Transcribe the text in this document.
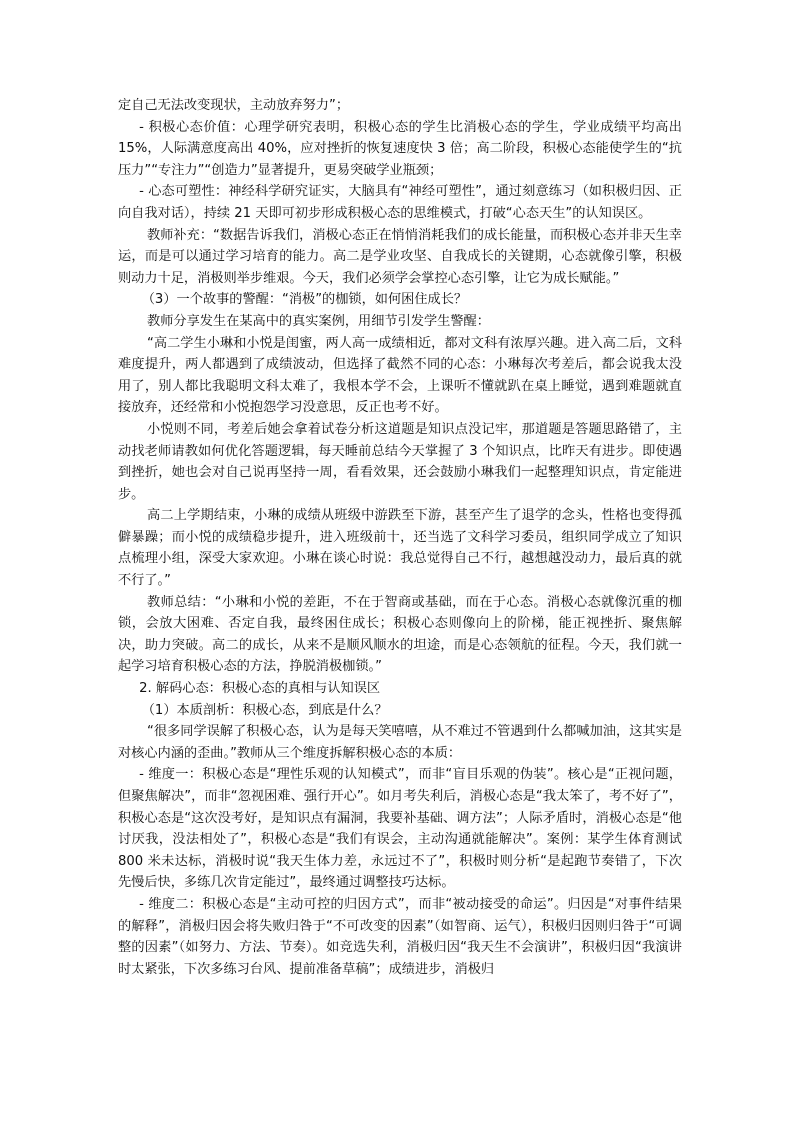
定自己无法改变现状，主动放弃努力”；

- 积极心态价值：心理学研究表明，积极心态的学生比消极心态的学生，学业成绩平均高出 15%，人际满意度高出 40%，应对挫折的恢复速度快 3 倍；高二阶段，积极心态能使学生的“抗压力”“专注力”“创造力”显著提升，更易突破学业瓶颈；

- 心态可塑性：神经科学研究证实，大脑具有“神经可塑性”，通过刻意练习（如积极归因、正向自我对话），持续 21 天即可初步形成积极心态的思维模式，打破“心态天生”的认知误区。

教师补充：“数据告诉我们，消极心态正在悄悄消耗我们的成长能量，而积极心态并非天生幸运，而是可以通过学习培育的能力。高二是学业攻坚、自我成长的关键期，心态就像引擎，积极则动力十足，消极则举步维艰。今天，我们必须学会掌控心态引擎，让它为成长赋能。”

（3）一个故事的警醒：“消极”的枷锁，如何困住成长？

教师分享发生在某高中的真实案例，用细节引发学生警醒：

“高二学生小琳和小悦是闺蜜，两人高一成绩相近，都对文科有浓厚兴趣。进入高二后，文科难度提升，两人都遇到了成绩波动，但选择了截然不同的心态：小琳每次考差后，都会说我太没用了，别人都比我聪明文科太难了，我根本学不会，上课听不懂就趴在桌上睡觉，遇到难题就直接放弃，还经常和小悦抱怨学习没意思，反正也考不好。

小悦则不同，考差后她会拿着试卷分析这道题是知识点没记牢，那道题是答题思路错了，主动找老师请教如何优化答题逻辑，每天睡前总结今天掌握了 3 个知识点，比昨天有进步。即使遇到挫折，她也会对自己说再坚持一周，看看效果，还会鼓励小琳我们一起整理知识点，肯定能进步。

高二上学期结束，小琳的成绩从班级中游跌至下游，甚至产生了退学的念头，性格也变得孤僻暴躁；而小悦的成绩稳步提升，进入班级前十，还当选了文科学习委员，组织同学成立了知识点梳理小组，深受大家欢迎。小琳在谈心时说：我总觉得自己不行，越想越没动力，最后真的就不行了。”

教师总结：“小琳和小悦的差距，不在于智商或基础，而在于心态。消极心态就像沉重的枷锁，会放大困难、否定自我，最终困住成长；积极心态则像向上的阶梯，能正视挫折、聚焦解决，助力突破。高二的成长，从来不是顺风顺水的坦途，而是心态领航的征程。今天，我们就一起学习培育积极心态的方法，挣脱消极枷锁。”

2. 解码心态：积极心态的真相与认知误区

（1）本质剖析：积极心态，到底是什么？

“很多同学误解了积极心态，认为是每天笑嘻嘻，从不难过不管遇到什么都喊加油，这其实是对核心内涵的歪曲。”教师从三个维度拆解积极心态的本质：

- 维度一：积极心态是“理性乐观的认知模式”，而非“盲目乐观的伪装”。核心是“正视问题，但聚焦解决”，而非“忽视困难、强行开心”。如月考失利后，消极心态是“我太笨了，考不好了”，积极心态是“这次没考好，是知识点有漏洞，我要补基础、调方法”；人际矛盾时，消极心态是“他讨厌我，没法相处了”，积极心态是“我们有误会，主动沟通就能解决”。案例：某学生体育测试 800 米未达标，消极时说“我天生体力差，永远过不了”，积极时则分析“是起跑节奏错了，下次先慢后快，多练几次肯定能过”，最终通过调整技巧达标。

- 维度二：积极心态是“主动可控的归因方式”，而非“被动接受的命运”。归因是“对事件结果的解释”，消极归因会将失败归咎于“不可改变的因素”（如智商、运气），积极归因则归咎于“可调整的因素”（如努力、方法、节奏）。如竞选失利，消极归因“我天生不会演讲”，积极归因“我演讲时太紧张，下次多练习台风、提前准备草稿”；成绩进步，消极归
